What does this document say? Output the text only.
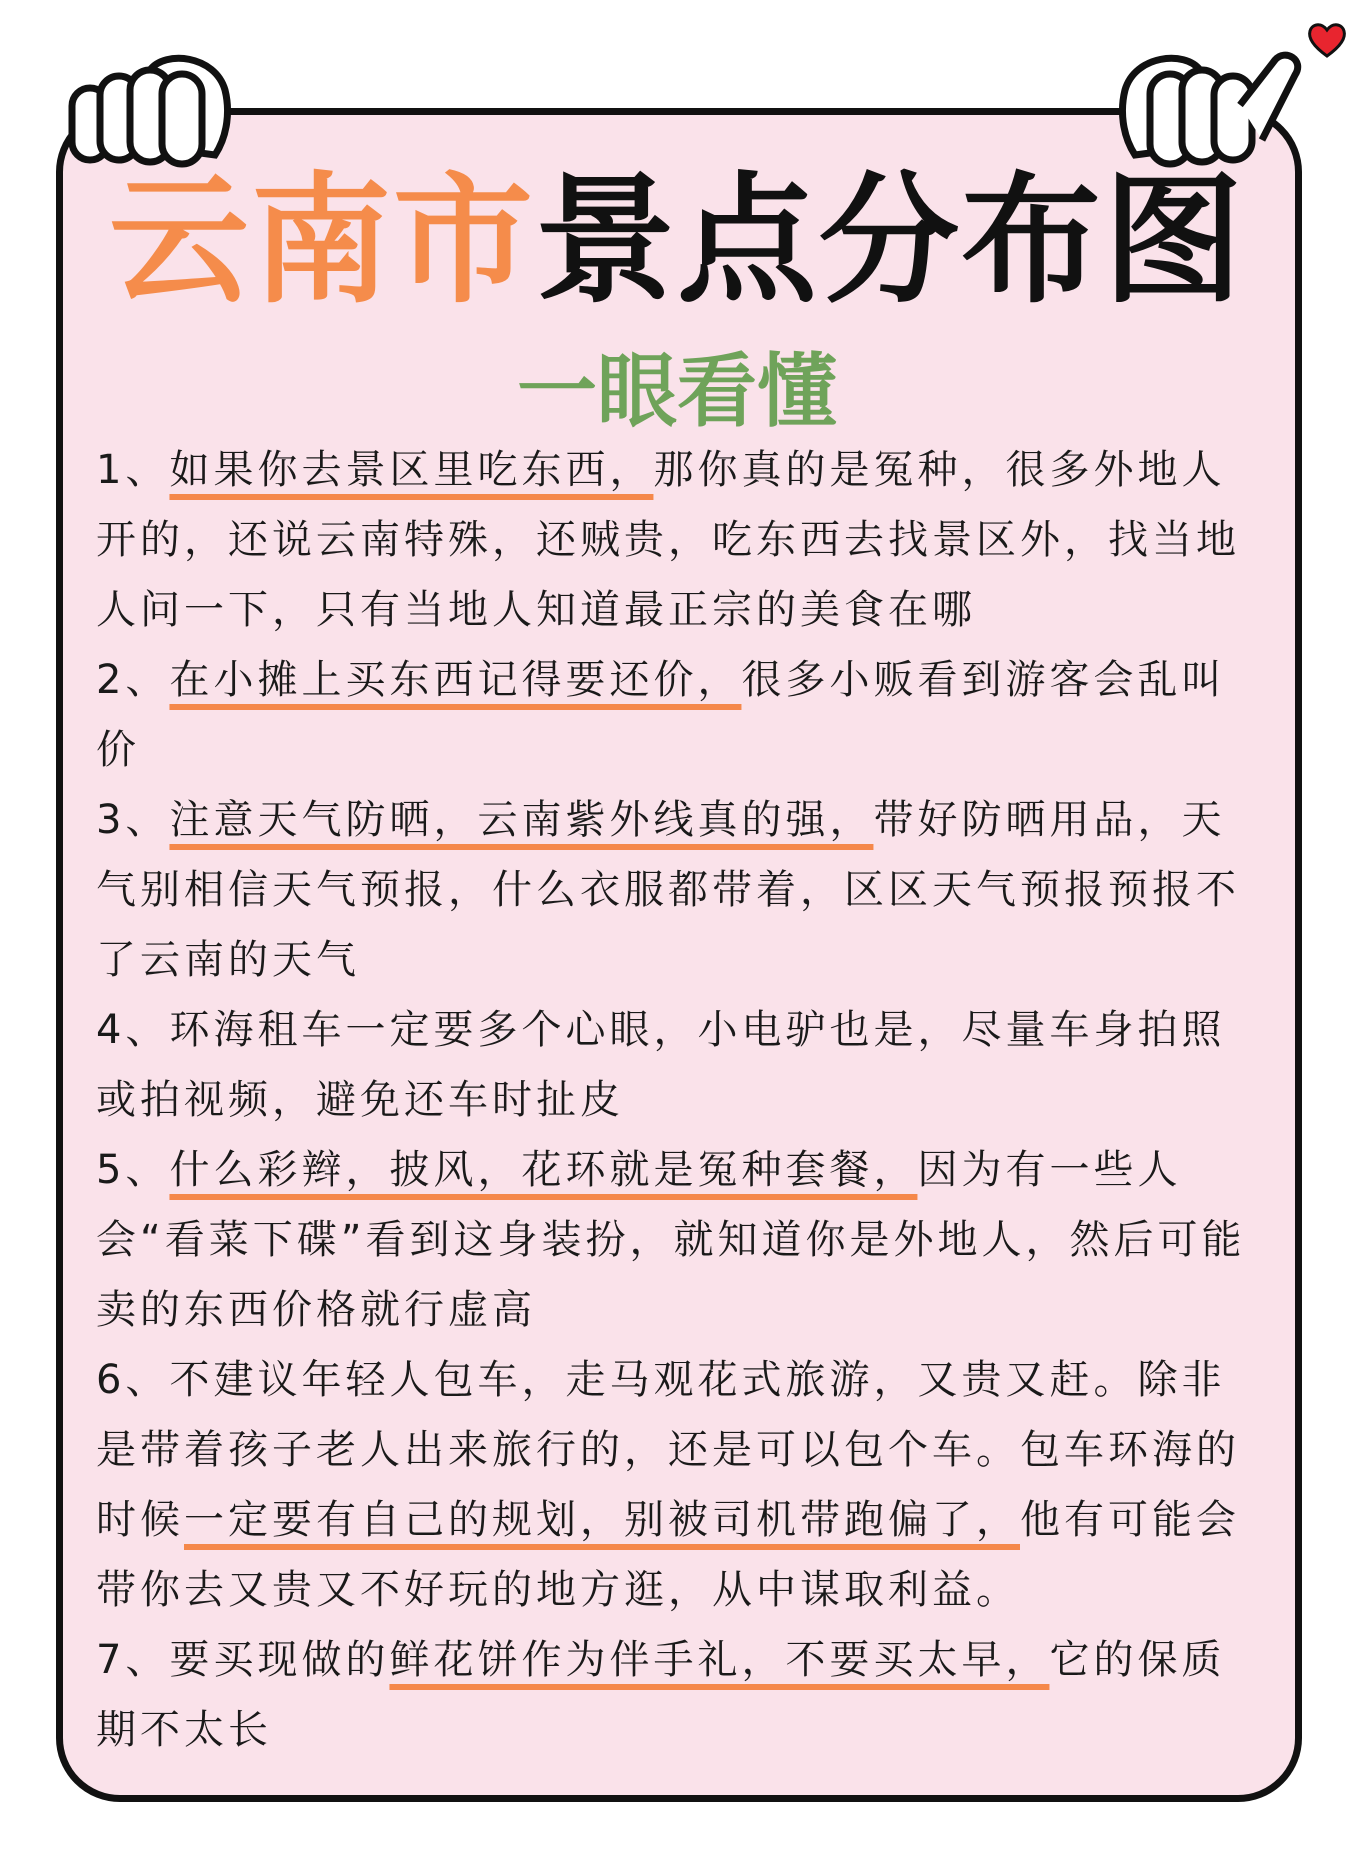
云南市景点分布图
一眼看懂

1、如果你去景区里吃东西，那你真的是冤种，很多外地人开的，还说云南特殊，还贼贵，吃东西去找景区外，找当地人问一下，只有当地人知道最正宗的美食在哪

2、在小摊上买东西记得要还价，很多小贩看到游客会乱叫价

3、注意天气防晒，云南紫外线真的强，带好防晒用品，天气别相信天气预报，什么衣服都带着，区区天气预报预报不了云南的天气

4、环海租车一定要多个心眼，小电驴也是，尽量车身拍照或拍视频，避免还车时扯皮

5、什么彩辫，披风，花环就是冤种套餐，因为有一些人会“看菜下碟”看到这身装扮，就知道你是外地人，然后可能卖的东西价格就行虚高

6、不建议年轻人包车，走马观花式旅游，又贵又赶。除非是带着孩子老人出来旅行的，还是可以包个车。包车环海的时候一定要有自己的规划，别被司机带跑偏了，他有可能会带你去又贵又不好玩的地方逛，从中谋取利益。

7、要买现做的鲜花饼作为伴手礼，不要买太早，它的保质期不太长
